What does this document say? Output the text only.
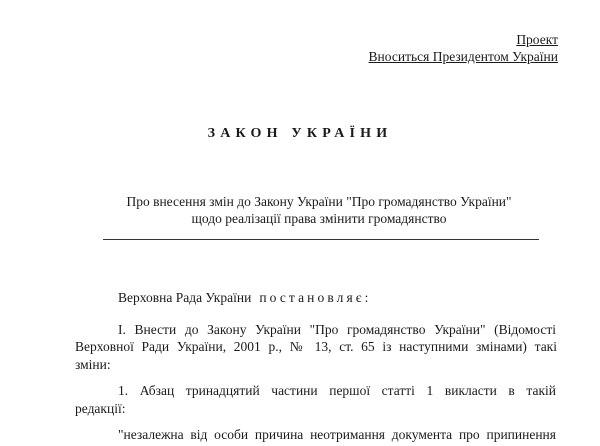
Проект
Вноситься Президентом України
ЗАКОН УКРАЇНИ
Про внесення змін до Закону України "Про громадянство України"
щодо реалізації права змінити громадянство
Верховна Рада України постановляє:
I. Внести до Закону України "Про громадянство України" (Відомості
Верховної Ради України, 2001 р., № 13, ст. 65 із наступними змінами) такі
зміни:
1. Абзац тринадцятий частини першої статті 1 викласти в такій
редакції:
"незалежна від особи причина неотримання документа про припинення
